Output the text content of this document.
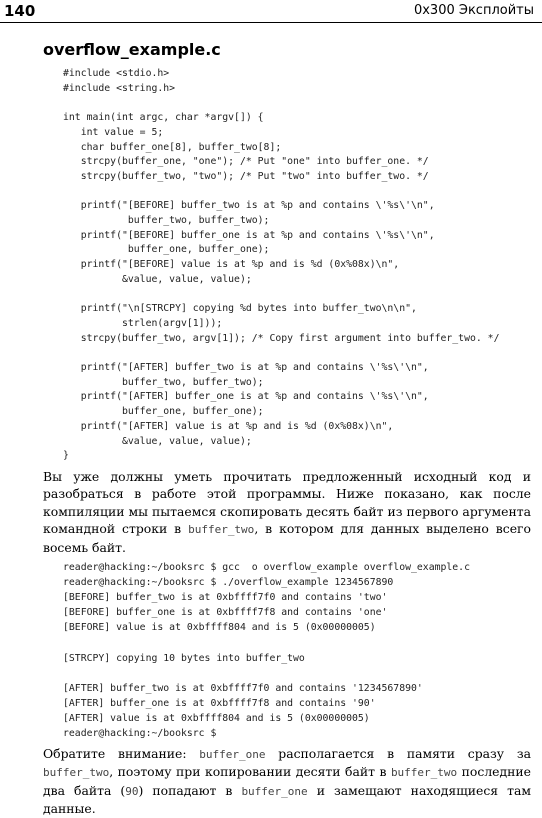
140	0x300 Эксплойты
overflow_example.c
#include <stdio.h>
#include <string.h>

int main(int argc, char *argv[]) {
int value = 5;
char buffer_one[8], buffer_two[8];
strcpy(buffer_one, "one"); /* Put "one" into buffer_one. */
strcpy(buffer_two, "two"); /* Put "two" into buffer_two. */

printf("[BEFORE] buffer_two is at %p and contains \'%s\'\n",
buffer_two, buffer_two);
printf("[BEFORE] buffer_one is at %p and contains \'%s\'\n",
buffer_one, buffer_one);
printf("[BEFORE] value is at %p and is %d (0x%08x)\n",
&value, value, value);

printf("\n[STRCPY] copying %d bytes into buffer_two\n\n",
strlen(argv[1]));
strcpy(buffer_two, argv[1]); /* Copy first argument into buffer_two. */

printf("[AFTER] buffer_two is at %p and contains \'%s\'\n",
buffer_two, buffer_two);
printf("[AFTER] buffer_one is at %p and contains \'%s\'\n",
buffer_one, buffer_one);
printf("[AFTER] value is at %p and is %d (0x%08x)\n",
&value, value, value);
}
Вы уже должны уметь прочитать предложенный исходный код и разобраться в работе этой программы. Ниже показано, как после компиляции мы пытаемся скопировать десять байт из первого аргумента командной строки в buffer_two, в котором для данных выделено всего восемь байт.
reader@hacking:~/booksrc $ gcc  o overflow_example overflow_example.c
reader@hacking:~/booksrc $ ./overflow_example 1234567890
[BEFORE] buffer_two is at 0xbffff7f0 and contains 'two'
[BEFORE] buffer_one is at 0xbffff7f8 and contains 'one'
[BEFORE] value is at 0xbffff804 and is 5 (0x00000005)

[STRCPY] copying 10 bytes into buffer_two

[AFTER] buffer_two is at 0xbffff7f0 and contains '1234567890'
[AFTER] buffer_one is at 0xbffff7f8 and contains '90'
[AFTER] value is at 0xbffff804 and is 5 (0x00000005)
reader@hacking:~/booksrc $
Обратите внимание: buffer_one располагается в памяти сразу за buffer_two, поэтому при копировании десяти байт в buffer_two последние два байта (90) попадают в buffer_one и замещают находящиеся там данные.
